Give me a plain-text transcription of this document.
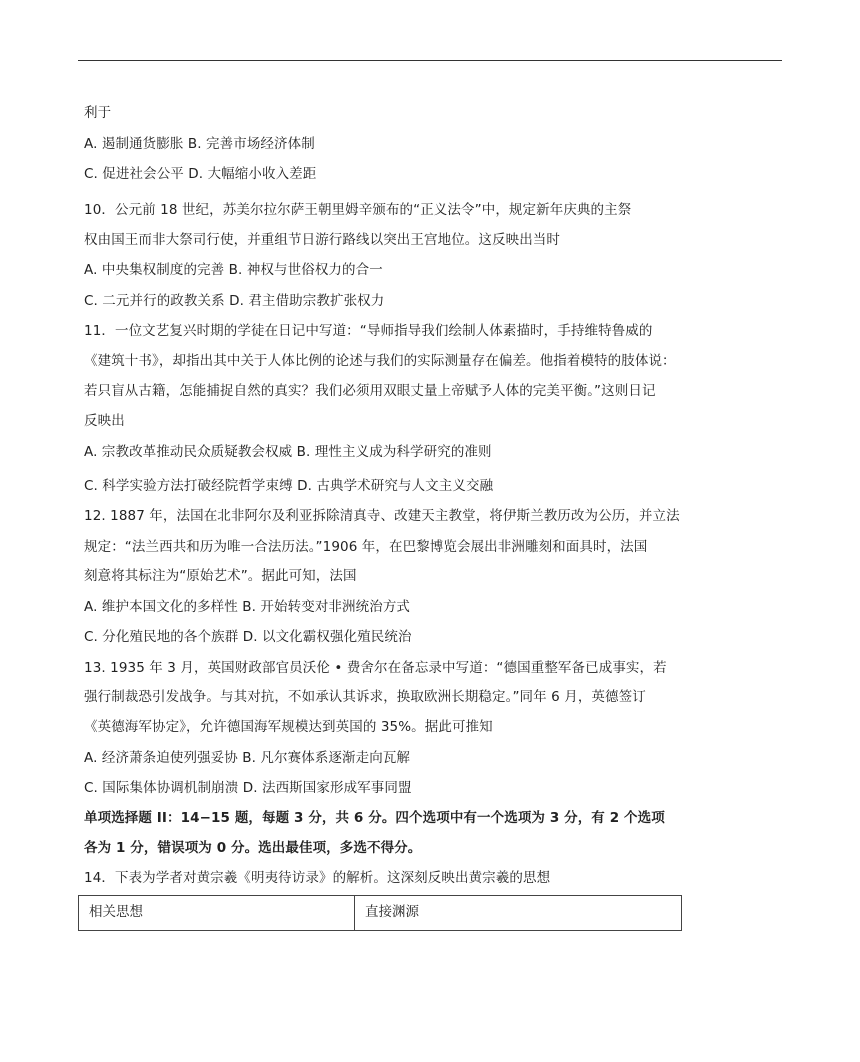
利于
A. 遏制通货膨胀 B. 完善市场经济体制
C. 促进社会公平 D. 大幅缩小收入差距
10．公元前 18 世纪，苏美尔拉尔萨王朝里姆辛颁布的“正义法令”中，规定新年庆典的主祭
权由国王而非大祭司行使，并重组节日游行路线以突出王宫地位。这反映出当时
A. 中央集权制度的完善 B. 神权与世俗权力的合一
C. 二元并行的政教关系 D. 君主借助宗教扩张权力
11．一位文艺复兴时期的学徒在日记中写道：“导师指导我们绘制人体素描时，手持维特鲁威的
《建筑十书》，却指出其中关于人体比例的论述与我们的实际测量存在偏差。他指着模特的肢体说：
若只盲从古籍，怎能捕捉自然的真实？我们必须用双眼丈量上帝赋予人体的完美平衡。”这则日记
反映出
A. 宗教改革推动民众质疑教会权威 B. 理性主义成为科学研究的准则
C. 科学实验方法打破经院哲学束缚 D. 古典学术研究与人文主义交融
12. 1887 年，法国在北非阿尔及利亚拆除清真寺、改建天主教堂，将伊斯兰教历改为公历，并立法
规定：“法兰西共和历为唯一合法历法。”1906 年，在巴黎博览会展出非洲雕刻和面具时，法国
刻意将其标注为“原始艺术”。据此可知，法国
A. 维护本国文化的多样性 B. 开始转变对非洲统治方式
C. 分化殖民地的各个族群 D. 以文化霸权强化殖民统治
13. 1935 年 3 月，英国财政部官员沃伦 • 费舍尔在备忘录中写道：“德国重整军备已成事实，若
强行制裁恐引发战争。与其对抗，不如承认其诉求，换取欧洲长期稳定。”同年 6 月，英德签订
《英德海军协定》，允许德国海军规模达到英国的 35%。据此可推知
A. 经济萧条迫使列强妥协 B. 凡尔赛体系逐渐走向瓦解
C. 国际集体协调机制崩溃 D. 法西斯国家形成军事同盟
单项选择题 II：14−15 题，每题 3 分，共 6 分。四个选项中有一个选项为 3 分，有 2 个选项
各为 1 分，错误项为 0 分。选出最佳项，多选不得分。
14．下表为学者对黄宗羲《明夷待访录》的解析。这深刻反映出黄宗羲的思想
相关思想	直接渊源
